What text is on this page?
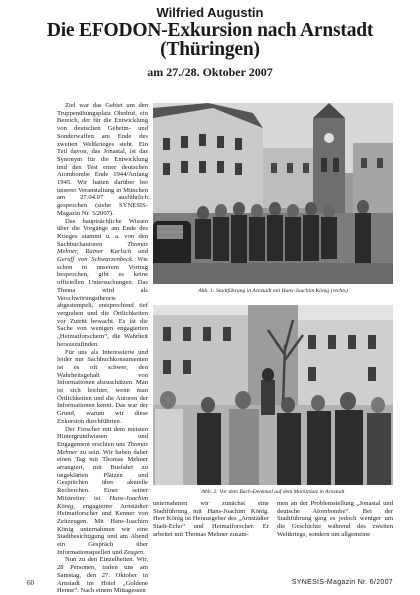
Wilfried Augustin
Die EFODON-Exkursion nach Arnstadt
(Thüringen)
am 27./28. Oktober 2007

Ziel war das Gebiet um den Truppenübungsplatz Ohrdruf, ein Bereich, der für die Entwicklung von deutschen Geheim- und Sonderwaffen am Ende des zweiten Weltkrieges steht. Ein Teil davon, das Jonastal, ist das Synonym für die Entwicklung und den Test einer deutschen Atombombe Ende 1944/Anfang 1945. Wir hatten darüber bei unserer Veranstaltung in München am 27.04.07 ausführlich gesprochen (siehe SYNESIS-Magazin Nr. 3/2007).

Das hauptsächliche Wissen über die Vorgänge am Ende des Krieges stammt u. a. von den Sachbuchautoren Thomas Mehner, Rainer Karlsch und Geruff von Schwarzenbeck. Wie schon in unserem Vortrag besprochen, gibt es keine offiziellen Untersuchungen. Das Thema wird als Verschwörungstheorie abgestempelt, entsprechend tief vergraben und die Örtlichkeiten vor Zutritt bewacht. Es ist die Sache von wenigen engagierten „Heimatforschern“, die Wahrheit herauszufinden.

Für uns als Interessierte und leider nur Sachbuchkonsumenten ist es oft schwer, den Wahrheitsgehalt von Informationen abzuschätzen. Man ist sich leichter, wenn man Örtlichkeiten und die Autoren der Informationen kennt. Das war der Grund, warum wir diese Exkursion durchführten.

Der Forscher mit dem meisten Hintergrundwissen und Engagement erschien uns Thomas Mehner zu sein. Wir haben daher einen Tag mit Thomas Mehner arrangiert, mit Busfahrt zu ungeklärten Plätzen und Gesprächen über aktuelle Recherchen. Einer seiner Mitstreiter ist Hans-Joachim König, engagierter Arnstädter Heimatforscher und Kenner von Zeitzeugen. Mit Hans-Joachim König unternahmen wir eine Stadtbesichtigung und am Abend ein Gespräch über Informationsquellen und Zeugen.

Nun zu den Einzelheiten. Wir, 28 Personen, trafen uns am Samstag, den 27. Oktober in Arnstadt im Hotel „Goldene Henne“. Nach einem Mittagessen

Abb. 1: Stadtführung in Arnstadt mit Hans-Joachim König (rechts)
Abb. 2: Vor dem Bach-Denkmal auf dem Marktplatz in Arnstadt
unternahmen wir zunächst eine Stadtführung mit Hans-Joachim König. Herr König ist Herausgeber des „Arnstädter Stadt-Echo“ und Heimatforscher. Er arbeitet mit Thomas Mehner zusam-
men an der Problemstellung „Jonastal und deutsche Atombombe“. Bei der Stadtführung ging es jedoch weniger um die Geschichte während des zweiten Weltkriegs, sondern um allgemeine
60	SYNESIS-Magazin Nr. 6/2007
